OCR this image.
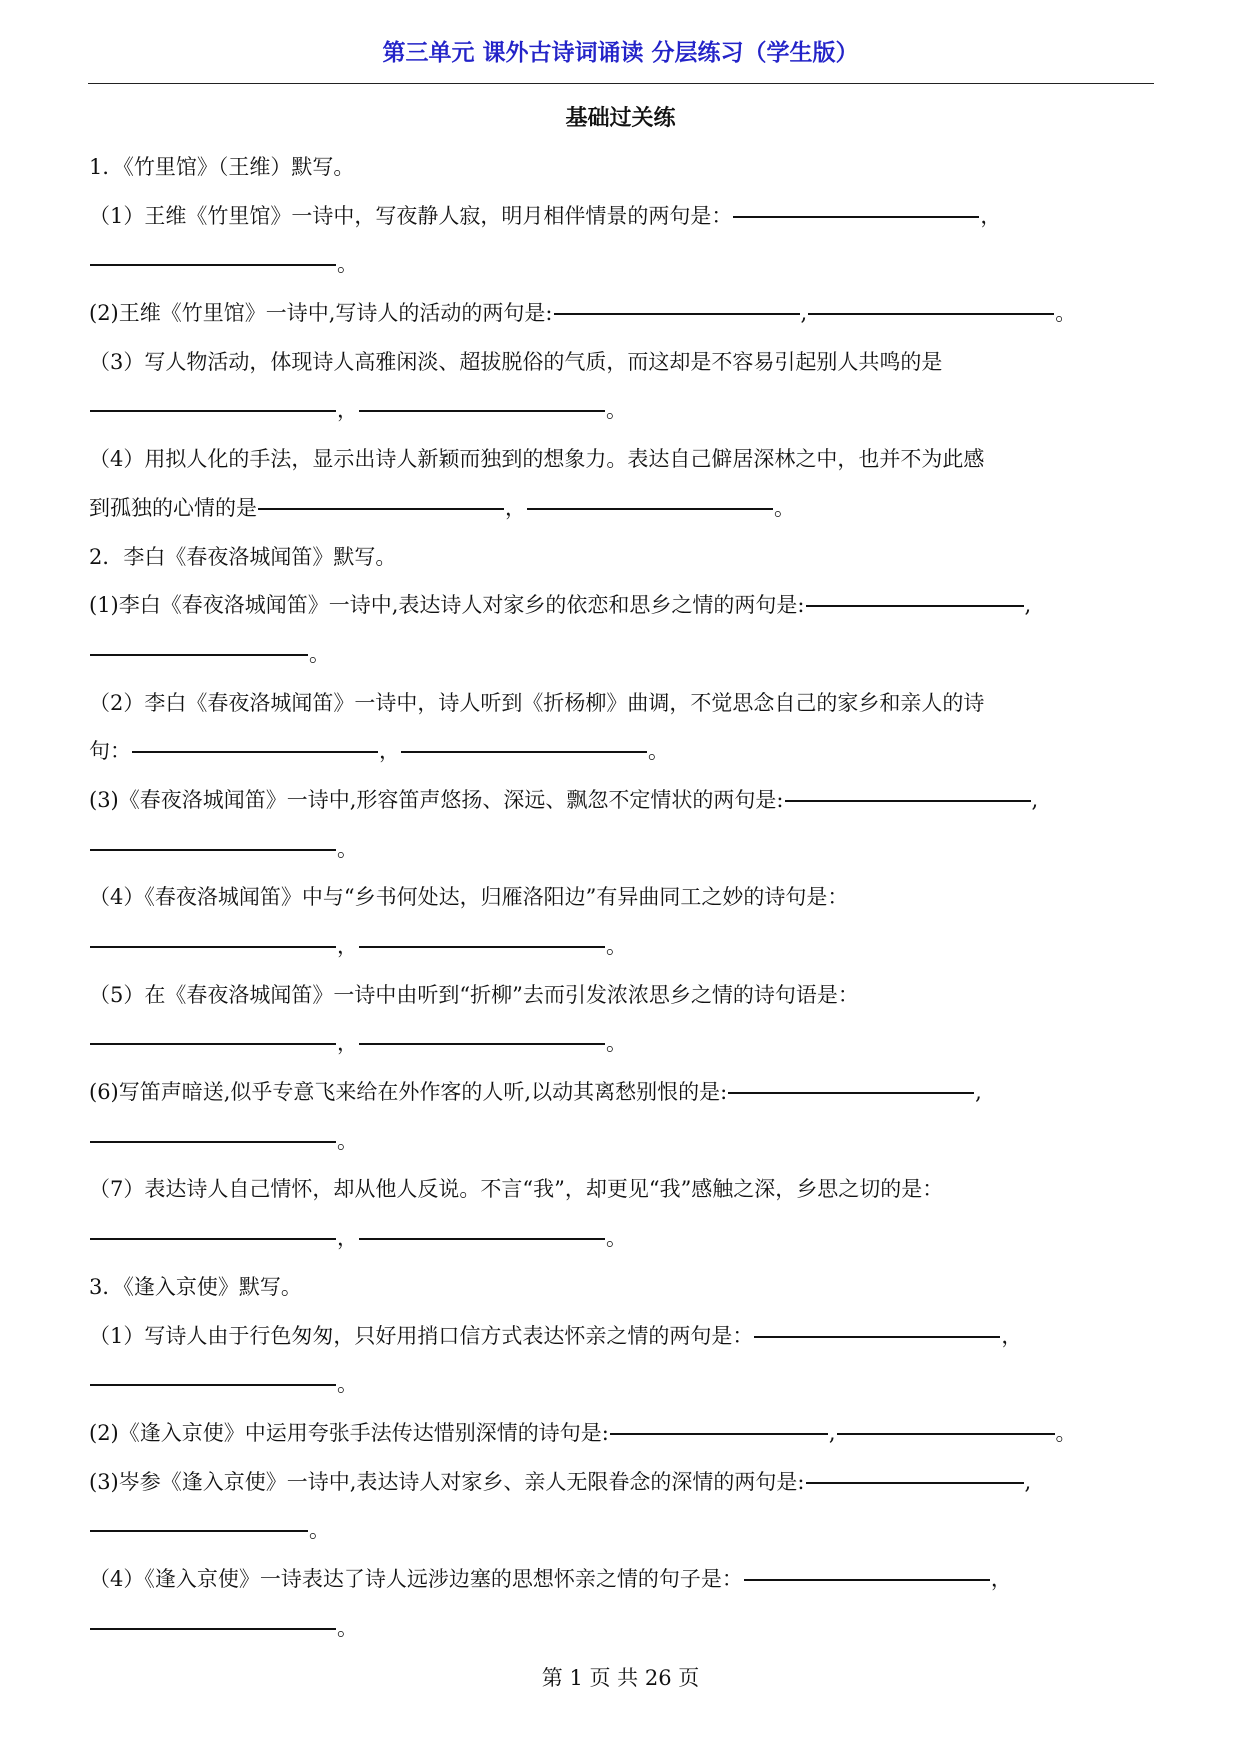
第三单元 课外古诗词诵读 分层练习（学生版）
基础过关练
1．《竹里馆》（王维）默写。
（1）王维《竹里馆》一诗中，写夜静人寂，明月相伴情景的两句是：	，
。
(2)王维《竹里馆》一诗中,写诗人的活动的两句是:	,	。
（3）写人物活动，体现诗人高雅闲淡、超拔脱俗的气质，而这却是不容易引起别人共鸣的是
，	。
（4）用拟人化的手法，显示出诗人新颖而独到的想象力。表达自己僻居深林之中，也并不为此感
到孤独的心情的是	，	。
2．李白《春夜洛城闻笛》默写。
(1)李白《春夜洛城闻笛》一诗中,表达诗人对家乡的依恋和思乡之情的两句是:	,
。
（2）李白《春夜洛城闻笛》一诗中，诗人听到《折杨柳》曲调，不觉思念自己的家乡和亲人的诗
句：	，	。
(3)《春夜洛城闻笛》一诗中,形容笛声悠扬、深远、飘忽不定情状的两句是:	,
。
（4）《春夜洛城闻笛》中与“乡书何处达，归雁洛阳边”有异曲同工之妙的诗句是：
，	。
（5）在《春夜洛城闻笛》一诗中由听到“折柳”去而引发浓浓思乡之情的诗句语是：
，	。
(6)写笛声暗送,似乎专意飞来给在外作客的人听,以动其离愁别恨的是:	,
。
（7）表达诗人自己情怀，却从他人反说。不言“我”，却更见“我”感触之深，乡思之切的是：
，	。
3．《逢入京使》默写。
（1）写诗人由于行色匆匆，只好用捎口信方式表达怀亲之情的两句是：	，
。
(2)《逢入京使》中运用夸张手法传达惜别深情的诗句是:	,	。
(3)岑参《逢入京使》一诗中,表达诗人对家乡、亲人无限眷念的深情的两句是:	,
。
（4）《逢入京使》一诗表达了诗人远涉边塞的思想怀亲之情的句子是：	，
。
第 1 页 共 26 页
